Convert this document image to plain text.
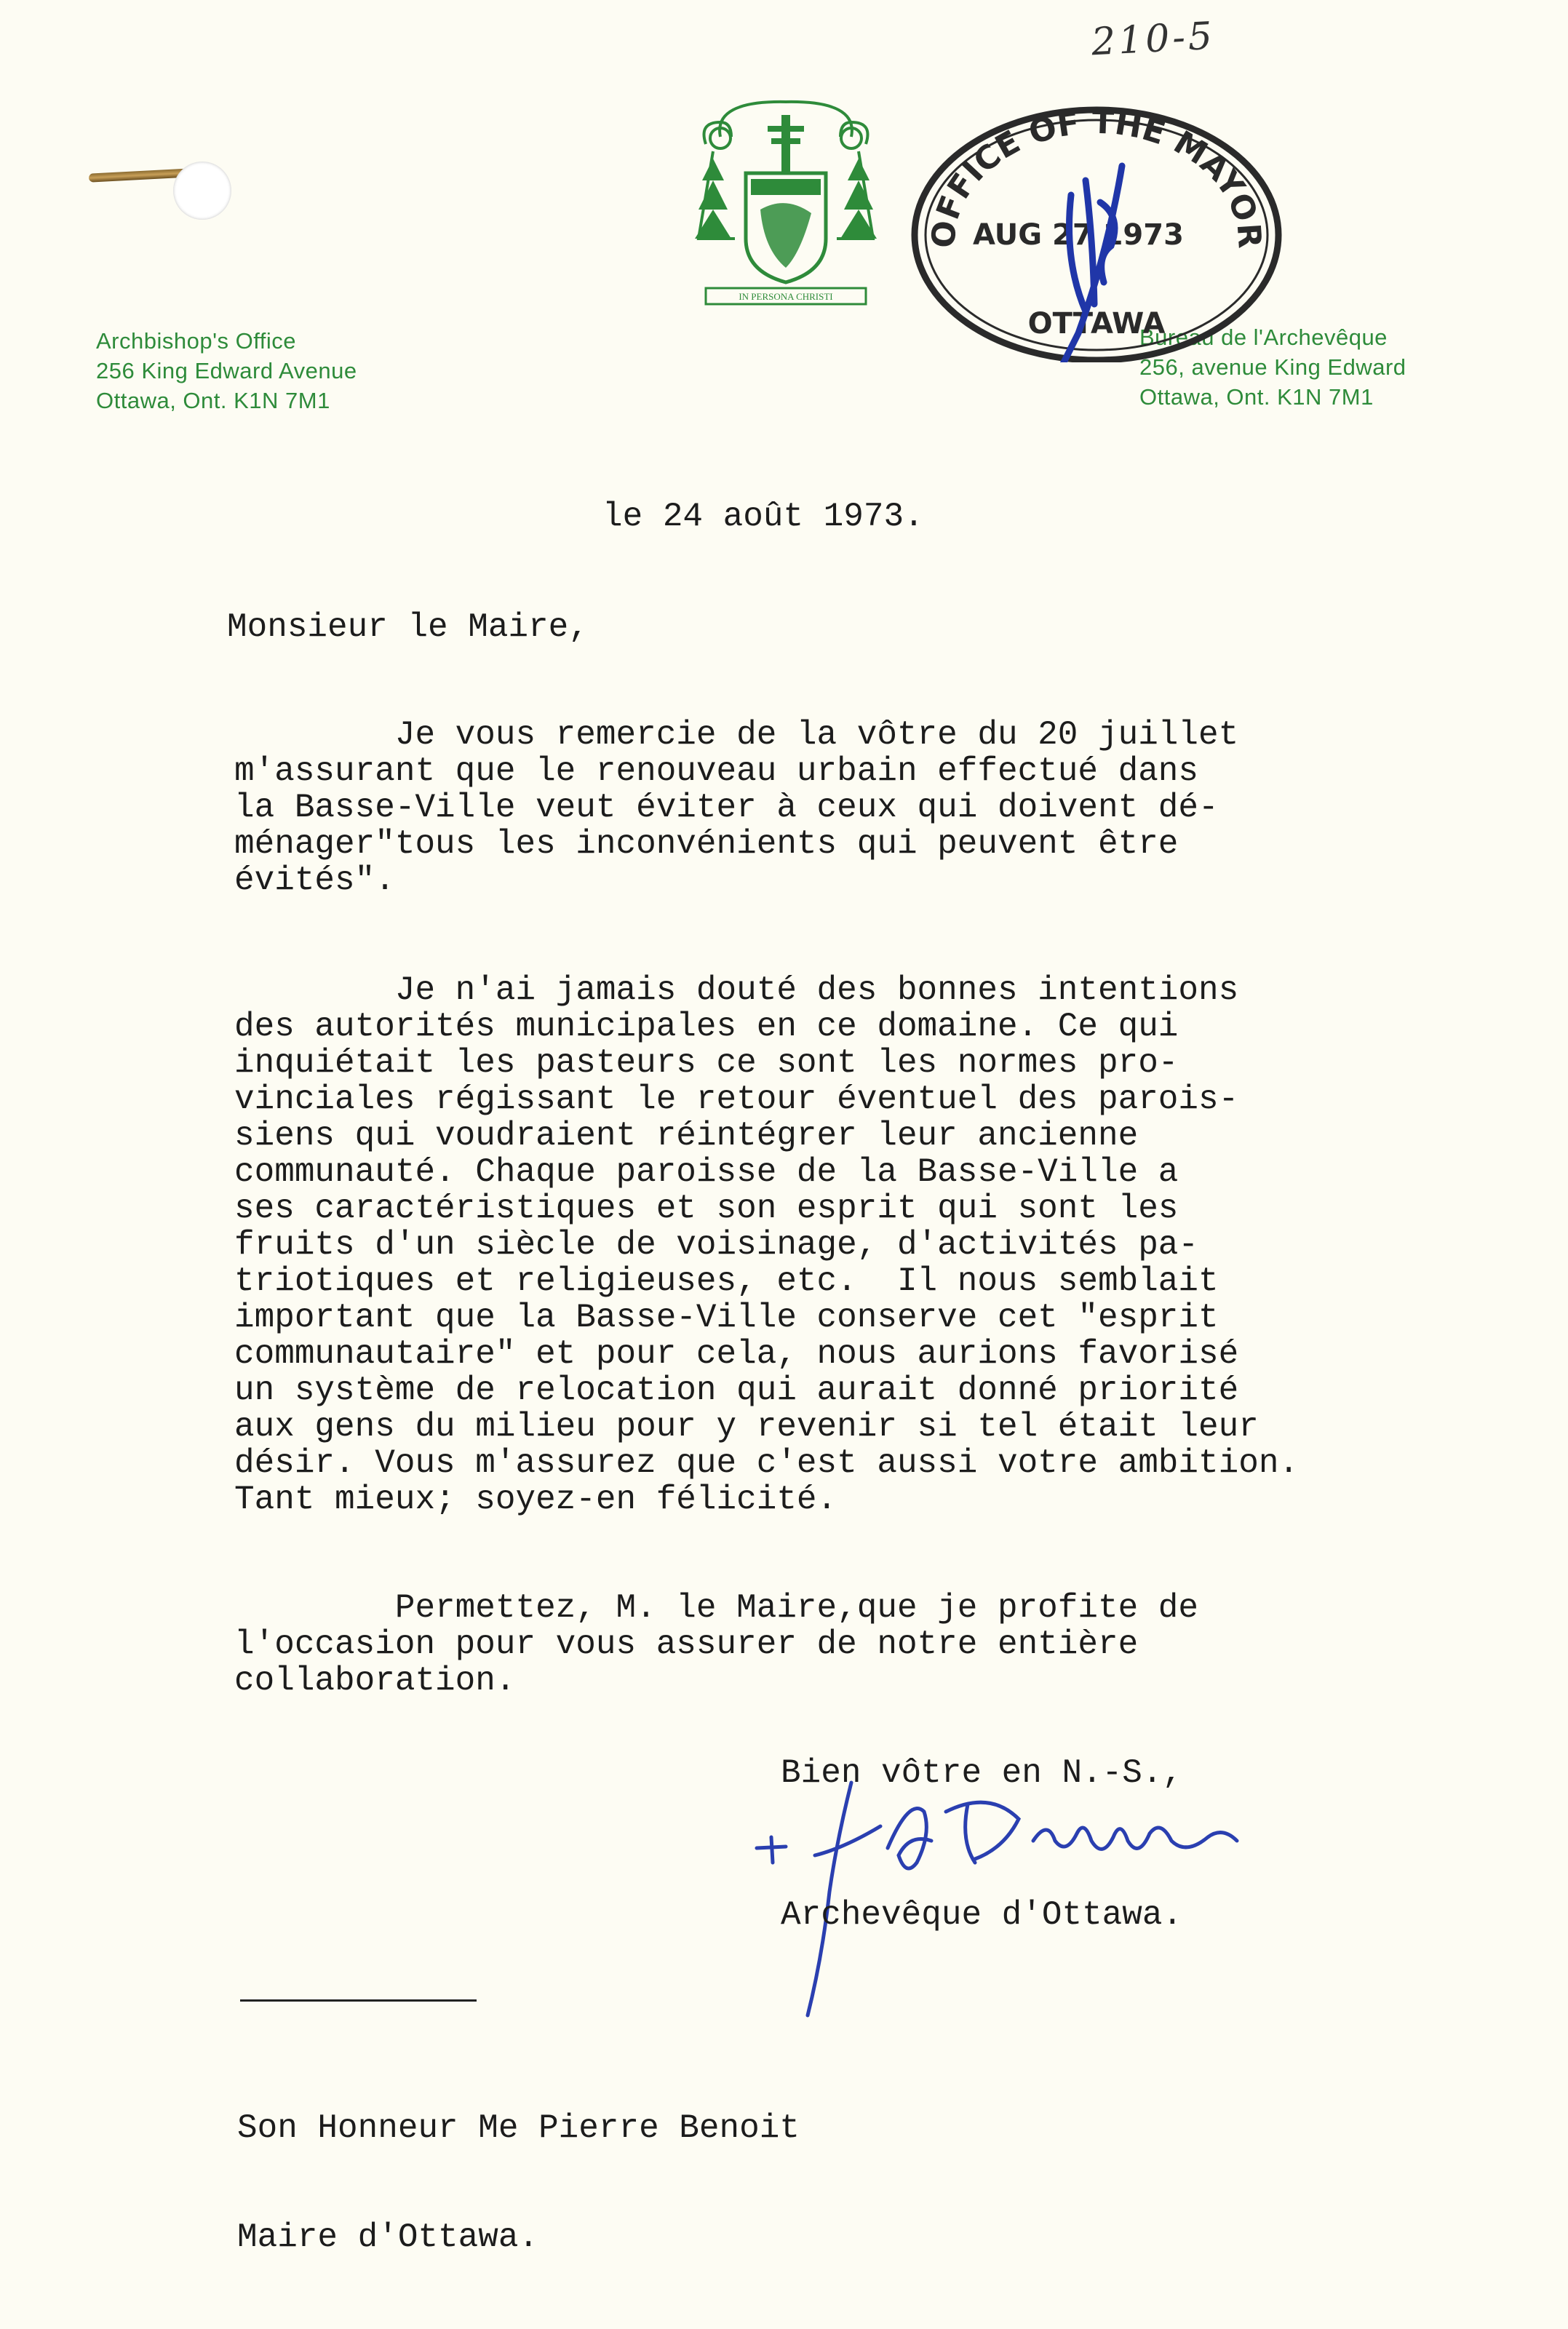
210-5
IN PERSONA CHRISTI
Archbishop's Office
256 King Edward Avenue
Ottawa, Ont. K1N 7M1
Bureau de l'Archevêque
256, avenue King Edward
Ottawa, Ont. K1N 7M1
OFFICE OF THE MAYOR
AUG 27 1973
OTTAWA
le 24 août 1973.
Monsieur le Maire,
Je vous remercie de la vôtre du 20 juillet
m'assurant que le renouveau urbain effectué dans
la Basse-Ville veut éviter à ceux qui doivent dé-
ménager"tous les inconvénients qui peuvent être
évités".
Je n'ai jamais douté des bonnes intentions
des autorités municipales en ce domaine. Ce qui
inquiétait les pasteurs ce sont les normes pro-
vinciales régissant le retour éventuel des parois-
siens qui voudraient réintégrer leur ancienne
communauté. Chaque paroisse de la Basse-Ville a
ses caractéristiques et son esprit qui sont les
fruits d'un siècle de voisinage, d'activités pa-
triotiques et religieuses, etc.  Il nous semblait
important que la Basse-Ville conserve cet "esprit
communautaire" et pour cela, nous aurions favorisé
un système de relocation qui aurait donné priorité
aux gens du milieu pour y revenir si tel était leur
désir. Vous m'assurez que c'est aussi votre ambition.
Tant mieux; soyez-en félicité.
Permettez, M. le Maire,que je profite de
l'occasion pour vous assurer de notre entière
collaboration.
Bien vôtre en N.-S.,
Archevêque d'Ottawa.

Son Honneur Me Pierre Benoit

Maire d'Ottawa.
